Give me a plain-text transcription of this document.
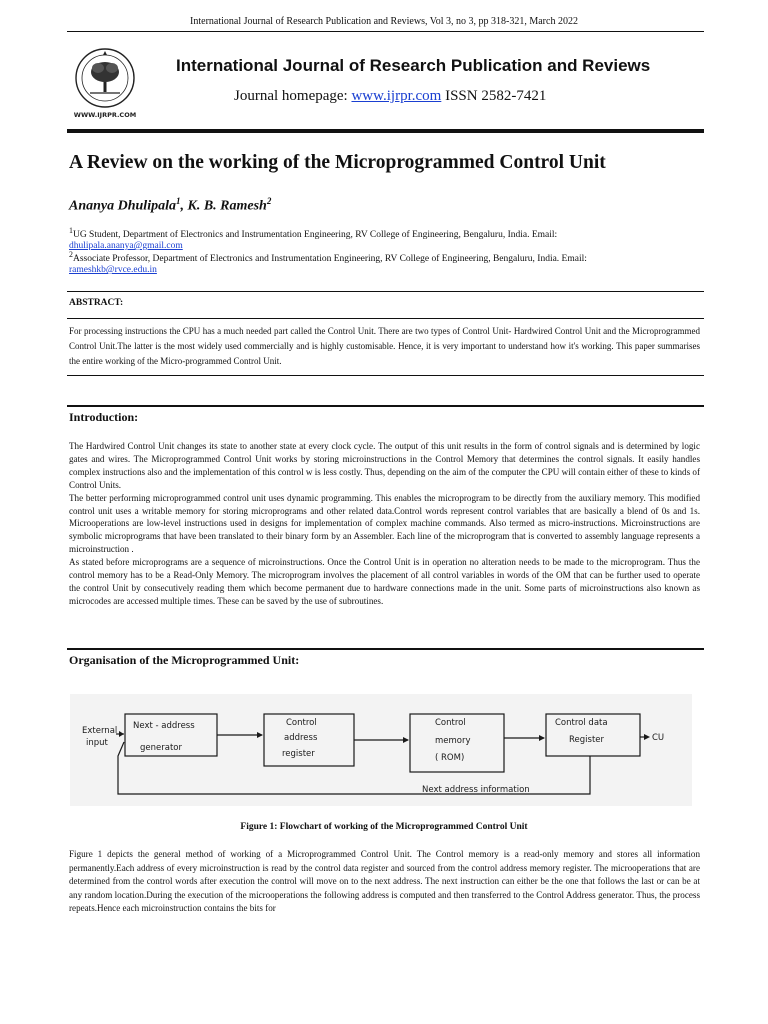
International Journal of Research Publication and Reviews, Vol 3, no 3, pp 318-321, March 2022
WWW.IJRPR.COM
International Journal of Research Publication and Reviews
Journal homepage: www.ijrpr.com ISSN 2582-7421
A Review on the working of the Microprogrammed Control Unit
Ananya Dhulipala$^1$, K. B. Ramesh$^2$
$^1$UG Student, Department of Electronics and Instrumentation Engineering, RV College of Engineering, Bengaluru, India. Email:
dhulipala.ananya@gmail.com
$^2$Associate Professor, Department of Electronics and Instrumentation Engineering, RV College of Engineering, Bengaluru, India. Email:
rameshkb@rvce.edu.in
ABSTRACT:
For processing instructions the CPU has a much needed part called the Control Unit. There are two types of Control Unit- Hardwired Control Unit and the Microprogrammed Control Unit.The latter is the most widely used commercially and is highly customisable. Hence, it is very important to understand how it's working. This paper summarises the entire working of the Micro-programmed Control Unit.
Introduction:

The Hardwired Control Unit changes its state to another state at every clock cycle. The output of this unit results in the form of control signals and is determined by logic gates and wires. The Microprogrammed Control Unit works by storing microinstructions in the Control Memory that determines the control signals. It easily handles complex instructions also and the implementation of this control w is less costly. Thus, depending on the aim of the computer the CPU will contain either of these to kinds of Control Units.

The better performing microprogrammed control unit uses dynamic programming. This enables the microprogram to be directly from the auxiliary memory. This modified control unit uses a writable memory for storing microprograms and other related data.Control words represent control variables that are basically a blend of 0s and 1s. Microoperations are low-level instructions used in designs for implementation of complex machine commands. Also termed as micro-instructions. Microinstructions are symbolic microprograms that have been translated to their binary form by an Assembler. Each line of the microprogram that is converted to assembly language represents a microinstruction .

As stated before microprograms are a sequence of microinstructions. Once the Control Unit is in operation no alteration needs to be made to the microprogram. Thus the control memory has to be a Read-Only Memory. The microprogram involves the placement of all control variables in words of the OM that can be further used to operate the control Unit by consecutively reading them which become permanent due to hardware connections made in the unit. Some parts of microinstructions also known as microcodes are accessed multiple times. These can be saved by the use of subroutines.

Organisation of the Microprogrammed Unit:
External
input
Next - address
generator
Control
address
register
Control
memory
( ROM)
Control data
Register	CU
Next address information
Figure 1: Flowchart of working of the Microprogrammed Control Unit

Figure 1 depicts the general method of working of a Microprogrammed Control Unit. The Control memory is a read-only memory and stores all information permanently.Each address of every microinstruction is read by the control data register and sourced from the control address memory register. The microoperations that are determined from the control words after execution the control will move on to the next address. The next instruction can either be the one that follows the last or can be at any random location.During the execution of the microoperations the following address is computed and then transferred to the Control Address generator. Thus, the process repeats.Hence each microinstruction contains the bits for
